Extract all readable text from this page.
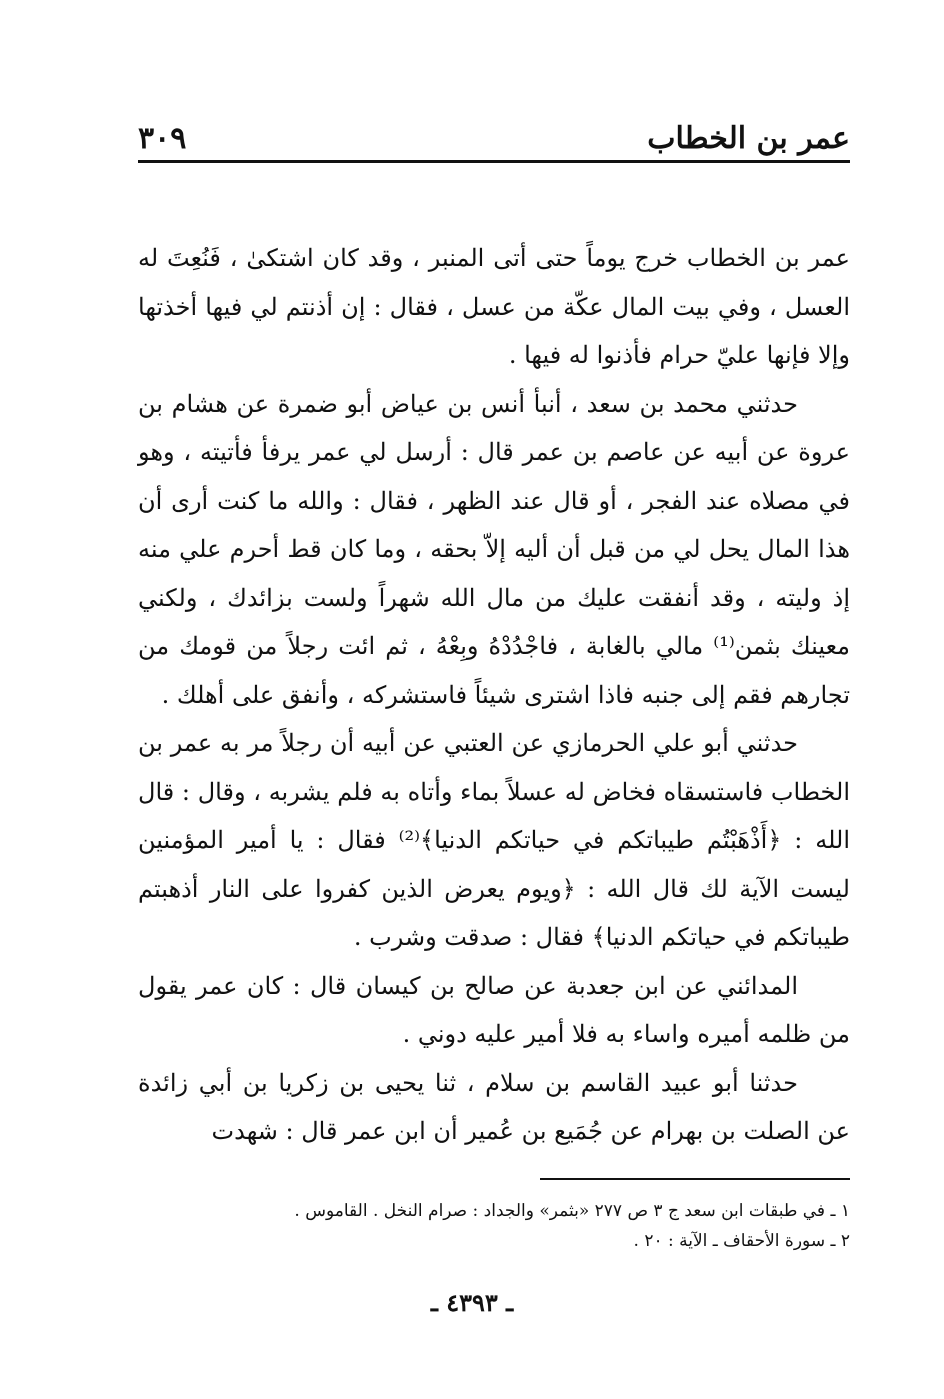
عمر بن الخطاب
٣٠٩

عمر بن الخطاب خرج يوماً حتى أتى المنبر ، وقد كان اشتكىٰ ، فَنُعِتَ له العسل ، وفي بيت المال عكّة من عسل ، فقال : إن أذنتم لي فيها أخذتها وإلا فإنها عليّ حرام فأذنوا له فيها .

حدثني محمد بن سعد ، أنبأ أنس بن عياض أبو ضمرة عن هشام بن عروة عن أبيه عن عاصم بن عمر قال : أرسل لي عمر يرفأ فأتيته ، وهو في مصلاه عند الفجر ، أو قال عند الظهر ، فقال : والله ما كنت أرى أن هذا المال يحل لي من قبل أن أليه إلاّ بحقه ، وما كان قط أحرم علي منه إذ وليته ، وقد أنفقت عليك من مال الله شهراً ولست بزائدك ، ولكني معينك بثمن⁽¹⁾ مالي بالغابة ، فاجْدُدْهُ وبِعْهُ ، ثم ائت رجلاً من قومك من تجارهم فقم إلى جنبه فاذا اشترى شيئاً فاستشركه ، وأنفق على أهلك .

حدثني أبو علي الحرمازي عن العتبي عن أبيه أن رجلاً مر به عمر بن الخطاب فاستسقاه فخاض له عسلاً بماء وأتاه به فلم يشربه ، وقال : قال الله : ﴿أَذْهَبْتُم طيباتكم في حياتكم الدنيا﴾⁽²⁾ فقال : يا أمير المؤمنين ليست الآية لك قال الله : ﴿ويوم يعرض الذين كفروا على النار أذهبتم طيباتكم في حياتكم الدنيا﴾ فقال : صدقت وشرب .

المدائني عن ابن جعدبة عن صالح بن كيسان قال : كان عمر يقول من ظلمه أميره واساء به فلا أمير عليه دوني .

حدثنا أبو عبيد القاسم بن سلام ، ثنا يحيى بن زكريا بن أبي زائدة عن الصلت بن بهرام عن جُمَيع بن عُمير أن ابن عمر قال : شهدت

١ ـ في طبقات ابن سعد ج ٣ ص ٢٧٧ «بثمر» والجداد : صرام النخل . القاموس .

٢ ـ سورة الأحقاف ـ الآية : ٢٠ .

ـ ٤٣٩٣ ـ
